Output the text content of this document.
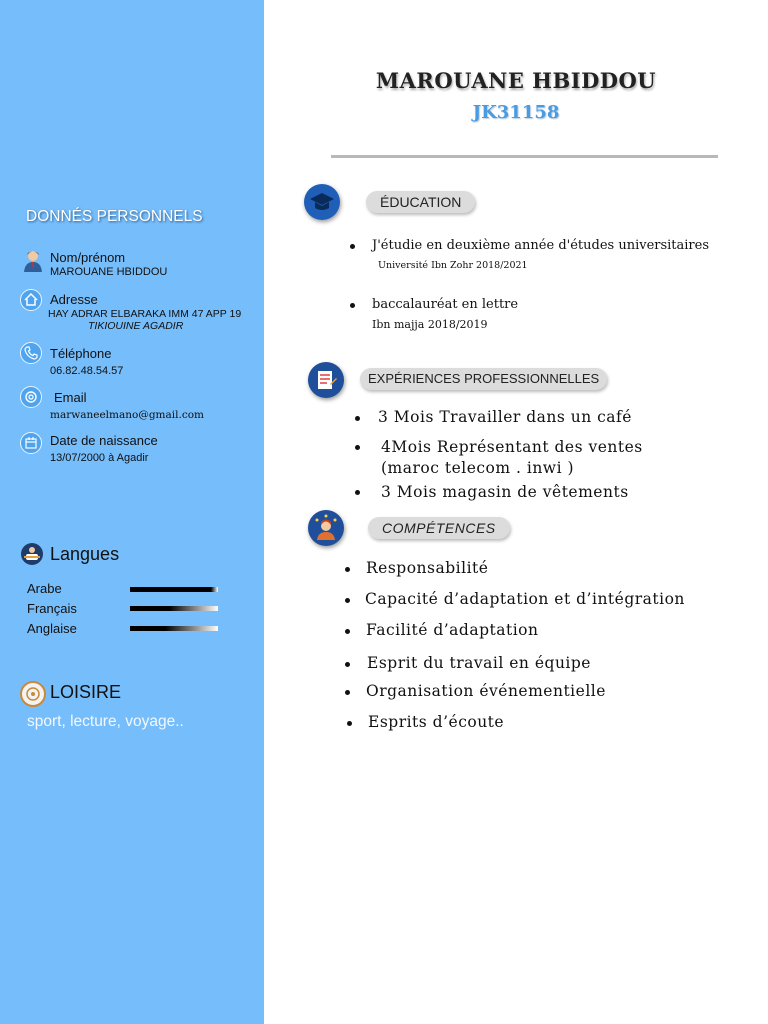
DONNÉS PERSONNELS
Nom/prénom
MAROUANE HBIDDOU
Adresse
HAY ADRAR ELBARAKA IMM 47 APP 19
TIKIOUINE AGADIR
Téléphone
06.82.48.54.57
Email
marwaneelmano@gmail.com
Date de naissance
13/07/2000 à Agadir
Langues
Arabe
Français
Anglaise
LOISIRE
sport, lecture, voyage..
MAROUANE HBIDDOU
JK31158
ÉDUCATION
J'étudie en deuxième année d'études universitaires
Université Ibn Zohr 2018/2021
baccalauréat en lettre
Ibn majja 2018/2019
EXPÉRIENCES PROFESSIONNELLES
3 Mois Travailler dans un café
4Mois Représentant des ventes
(maroc telecom . inwi )
3 Mois magasin de vêtements
COMPÉTENCES
Responsabilité
Capacité d’adaptation et d’intégration
Facilité d’adaptation
Esprit du travail en équipe
Organisation événementielle
Esprits d’écoute
